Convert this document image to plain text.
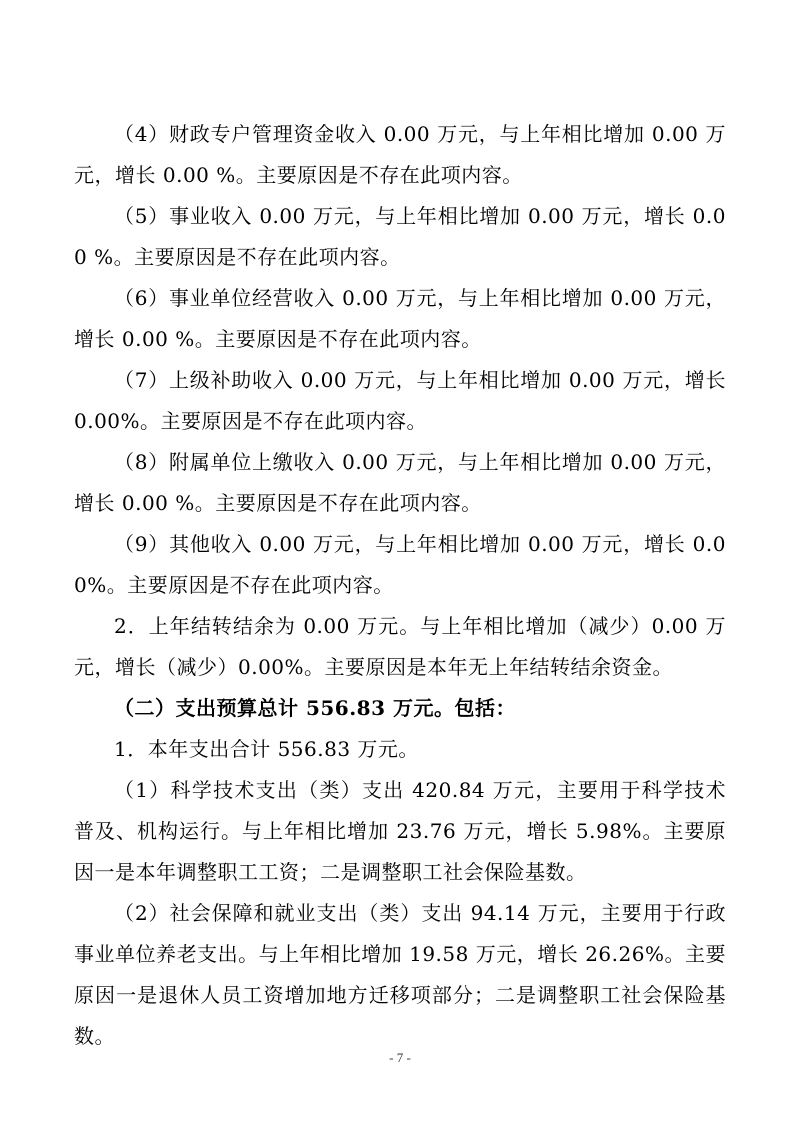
（4）财政专户管理资金收入 0.00 万元，与上年相比增加 0.00 万元，增长 0.00 %。主要原因是不存在此项内容。

（5）事业收入 0.00 万元，与上年相比增加 0.00 万元，增长 0.00 %。主要原因是不存在此项内容。

（6）事业单位经营收入 0.00 万元，与上年相比增加 0.00 万元，增长 0.00 %。主要原因是不存在此项内容。

（7）上级补助收入 0.00 万元，与上年相比增加 0.00 万元，增长 0.00%。主要原因是不存在此项内容。

（8）附属单位上缴收入 0.00 万元，与上年相比增加 0.00 万元，增长 0.00 %。主要原因是不存在此项内容。

（9）其他收入 0.00 万元，与上年相比增加 0.00 万元，增长 0.00%。主要原因是不存在此项内容。

2．上年结转结余为 0.00 万元。与上年相比增加（减少）0.00 万元，增长（减少）0.00%。主要原因是本年无上年结转结余资金。

（二）支出预算总计 556.83 万元。包括：

1．本年支出合计 556.83 万元。

（1）科学技术支出（类）支出 420.84 万元，主要用于科学技术普及、机构运行。与上年相比增加 23.76 万元，增长 5.98%。主要原因一是本年调整职工工资；二是调整职工社会保险基数。

（2）社会保障和就业支出（类）支出 94.14 万元，主要用于行政事业单位养老支出。与上年相比增加 19.58 万元，增长 26.26%。主要原因一是退休人员工资增加地方迁移项部分；二是调整职工社会保险基数。

- 7 -
